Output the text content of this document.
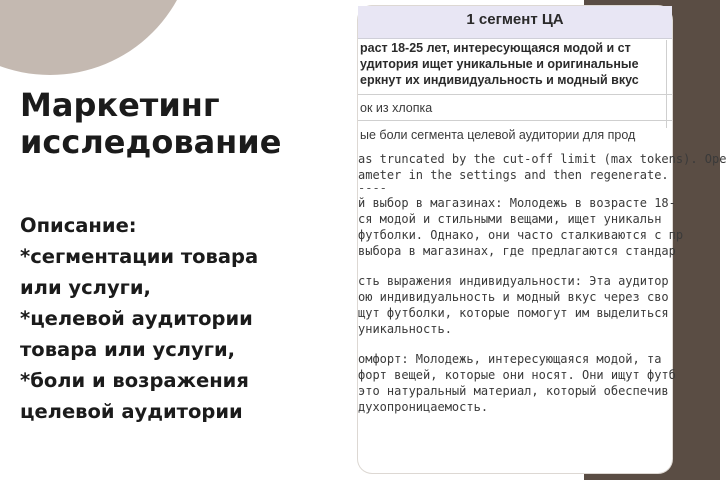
Маркетинг
исследование
Описание:
*сегментации товара
или услуги,
*целевой аудитории
товара или услуги,
*боли и возражения
целевой аудитории
1 сегмент ЦА
раст 18-25 лет, интересующаяся модой и ст
удитория ищет уникальные и оригинальные
еркнут их индивидуальность и модный вкус
ок из хлопка
ые боли сегмента целевой аудитории для прод
as truncated by the cut-off limit (max tokens). Ope
ameter in the settings and then regenerate.
----
й выбор в магазинах: Молодежь в возрасте 18-
ся модой и стильными вещами, ищет уникальн
футболки. Однако, они часто сталкиваются с пр
выбора в магазинах, где предлагаются стандар
сть выражения индивидуальности: Эта аудитор
ою индивидуальность и модный вкус через сво
щут футболки, которые помогут им выделиться
уникальность.
омфорт: Молодежь, интересующаяся модой, та
форт вещей, которые они носят. Они ищут футб
это натуральный материал, который обеспечив
духопроницаемость.
